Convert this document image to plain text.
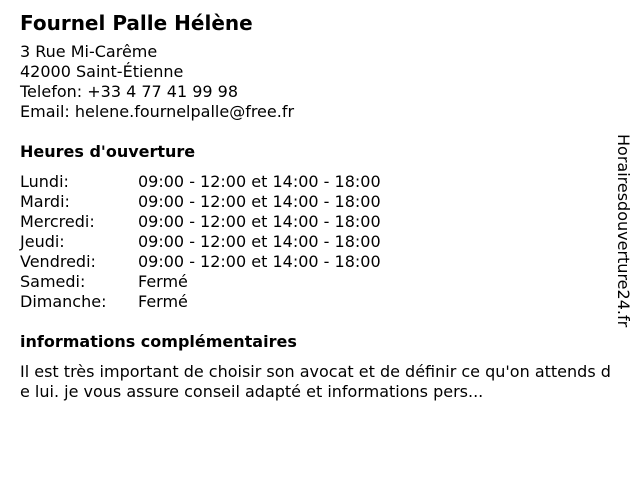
Fournel Palle Hélène
3 Rue Mi-Carême
42000 Saint-Étienne
Telefon: +33 4 77 41 99 98
Email: helene.fournelpalle@free.fr
Heures d'ouverture
Lundi:	09:00 - 12:00 et 14:00 - 18:00
Mardi:	09:00 - 12:00 et 14:00 - 18:00
Mercredi:	09:00 - 12:00 et 14:00 - 18:00
Jeudi:	09:00 - 12:00 et 14:00 - 18:00
Vendredi:	09:00 - 12:00 et 14:00 - 18:00
Samedi:	Fermé
Dimanche:	Fermé
informations complémentaires
Il est très important de choisir son avocat et de définir ce qu'on attends de lui. je vous assure conseil adapté et informations pers...
Horairesdouverture24.fr
